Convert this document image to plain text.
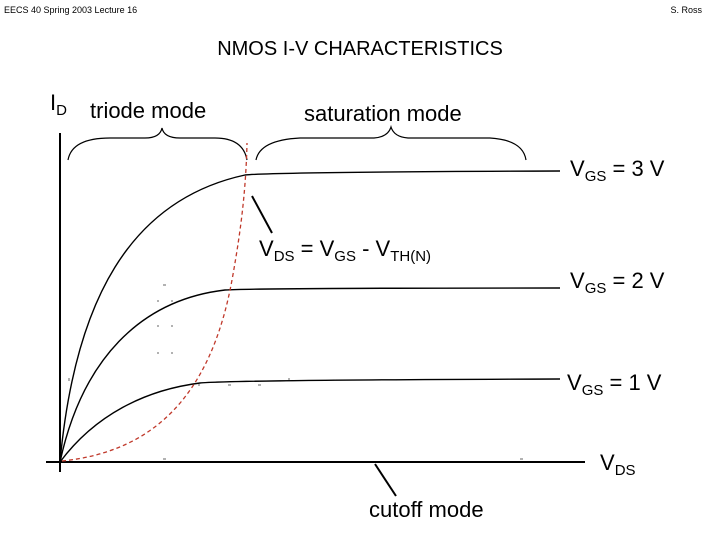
EECS 40 Spring 2003 Lecture 16	S. Ross
NMOS I-V CHARACTERISTICS
$I_D$ triode mode	saturation mode
cutoff mode
$V_{DS} = V_{GS} - V_{TH(N)}$
$V_{GS} = 3$ V
$V_{GS} = 2$ V
$V_{GS} = 1$ V
$V_{DS}$
